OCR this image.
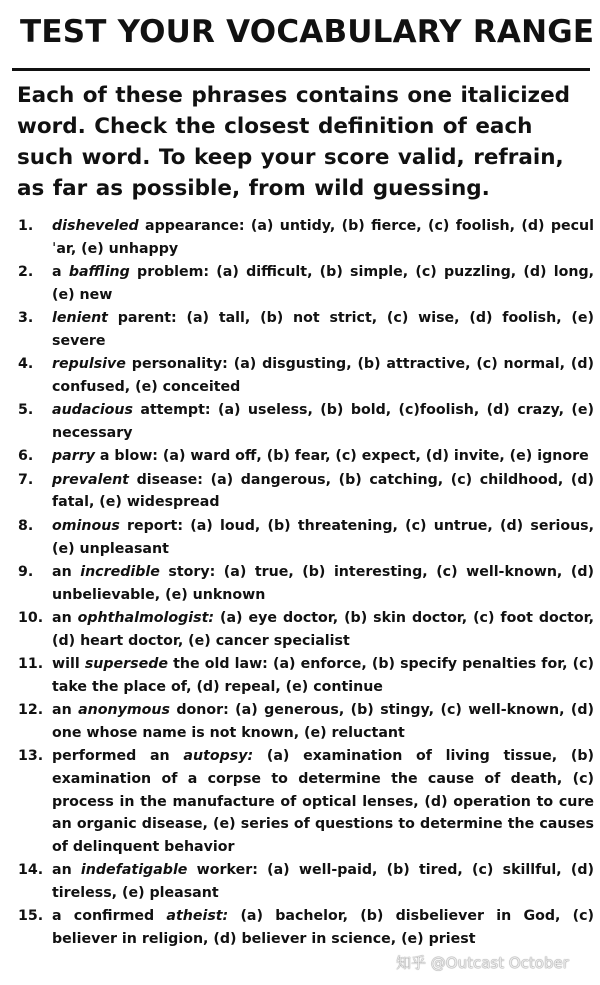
TEST YOUR VOCABULARY RANGE
Each of these phrases contains one italicized word. Check the closest definition of each such word. To keep your score valid, refrain, as far as possible, from wild guessing.
1.	disheveled appearance: (a) untidy, (b) fierce, (c) foolish, (d) peculˈar, (e) unhappy
2.	a baffling problem: (a) difficult, (b) simple, (c) puzzling, (d) long, (e) new
3.	lenient parent: (a) tall, (b) not strict, (c) wise, (d) foolish, (e) severe
4.	repulsive personality: (a) disgusting, (b) attractive, (c) normal, (d) confused, (e) conceited
5.	audacious attempt: (a) useless, (b) bold, (c)foolish, (d) crazy, (e) necessary
6.	parry a blow: (a) ward off, (b) fear, (c) expect, (d) invite, (e) ignore
7.	prevalent disease: (a) dangerous, (b) catching, (c) childhood, (d) fatal, (e) widespread
8.	ominous report: (a) loud, (b) threatening, (c) untrue, (d) serious, (e) unpleasant
9.	an incredible story: (a) true, (b) interesting, (c) well-known, (d) unbelievable, (e) unknown
10. an ophthalmologist: (a) eye doctor, (b) skin doctor, (c) foot doctor, (d) heart doctor, (e) cancer specialist
11. will supersede the old law: (a) enforce, (b) specify penalties for, (c) take the place of, (d) repeal, (e) continue
12. an anonymous donor: (a) generous, (b) stingy, (c) well-known, (d) one whose name is not known, (e) reluctant
13. performed an autopsy: (a) examination of living tissue, (b) examination of a corpse to determine the cause of death, (c) process in the manufacture of optical lenses, (d) operation to cure an organic disease, (e) series of questions to determine the causes of delinquent behavior
14. an indefatigable worker: (a) well-paid, (b) tired, (c) skillful, (d) tireless, (e) pleasant
15. a confirmed atheist: (a) bachelor, (b) disbeliever in God, (c) believer in religion, (d) believer in science, (e) priest
知乎 @Outcast October
